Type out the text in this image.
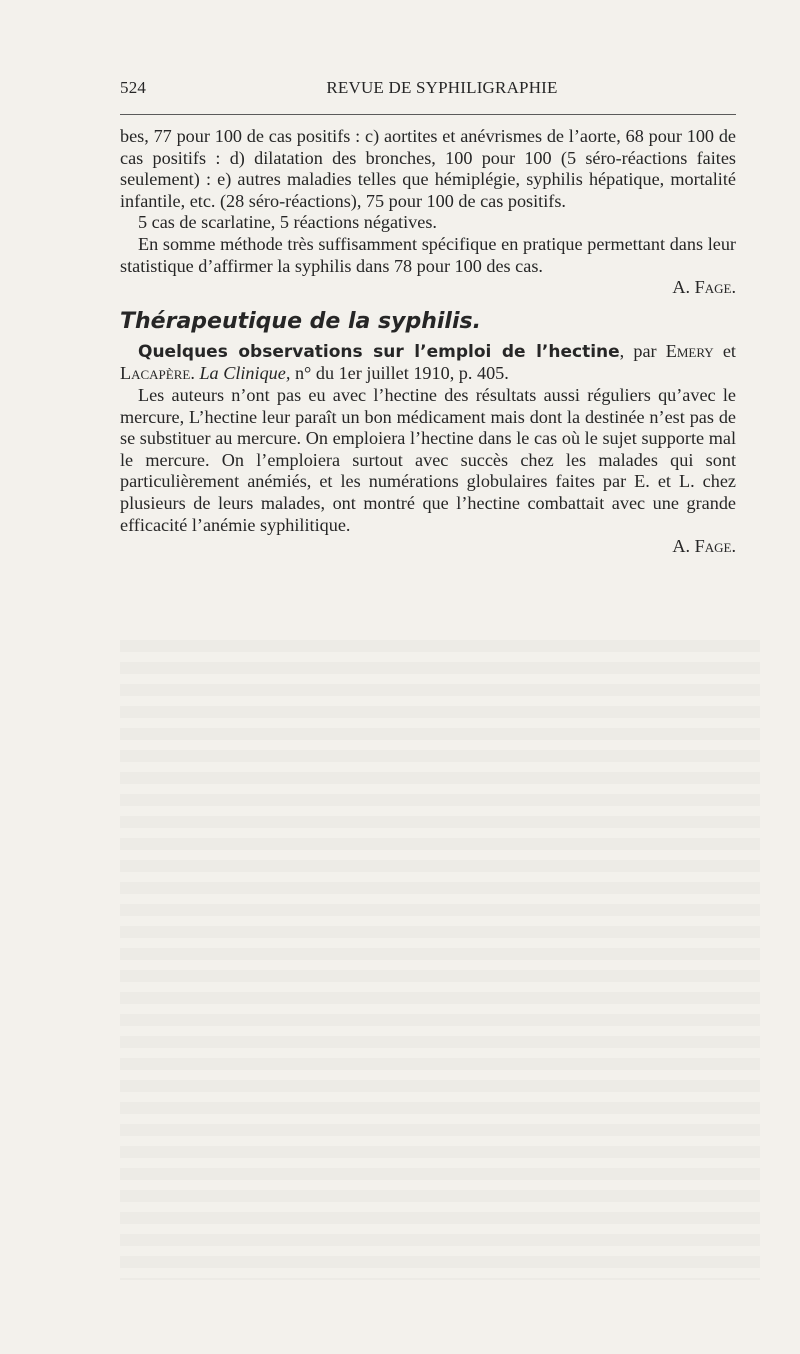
524	REVUE DE SYPHILIGRAPHIE

bes, 77 pour 100 de cas positifs : c) aortites et anévrismes de l’aorte, 68 pour 100 de cas positifs : d) dilatation des bronches, 100 pour 100 (5 séro-réactions faites seulement) : e) autres maladies telles que hémiplégie, syphilis hépatique, mortalité infantile, etc. (28 séro-réactions), 75 pour 100 de cas positifs.

5 cas de scarlatine, 5 réactions négatives.

En somme méthode très suffisamment spécifique en pratique permettant dans leur statistique d’affirmer la syphilis dans 78 pour 100 des cas.

A. Fage.

Thérapeutique de la syphilis.

Quelques observations sur l’emploi de l’hectine, par Emery et Lacapère. La Clinique, n° du 1er juillet 1910, p. 405.

Les auteurs n’ont pas eu avec l’hectine des résultats aussi réguliers qu’avec le mercure, L’hectine leur paraît un bon médicament mais dont la destinée n’est pas de se substituer au mercure. On emploiera l’hectine dans le cas où le sujet supporte mal le mercure. On l’emploiera surtout avec succès chez les malades qui sont particulièrement anémiés, et les numérations globulaires faites par E. et L. chez plusieurs de leurs malades, ont montré que l’hectine combattait avec une grande efficacité l’anémie syphilitique.

A. Fage.
